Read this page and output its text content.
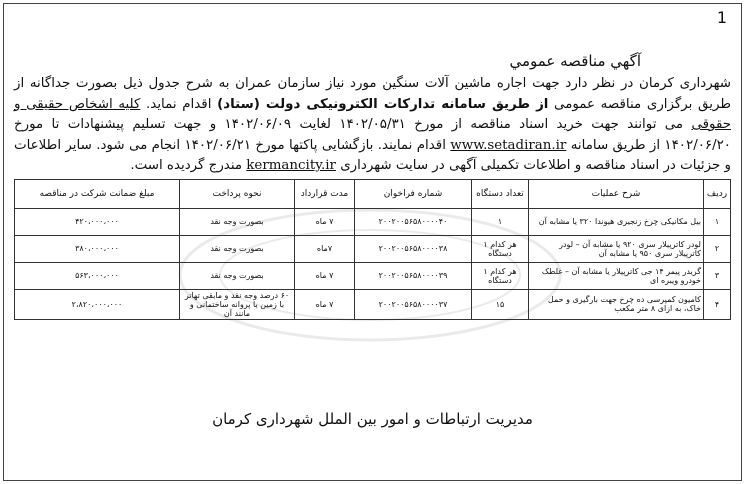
1
آگهي مناقصه عمومي
شهرداری کرمان در نظر دارد جهت اجاره ماشین آلات سنگین مورد نیاز سازمان عمران به شرح جدول ذیل بصورت جداگانه از طریق برگزاری مناقصه عمومی از طریق سامانه تدارکات الکترونیکی دولت (ستاد) اقدام نماید. کلیه اشخاص حقیقی و حقوقی می توانند جهت خرید اسناد مناقصه از مورخ ۱۴۰۲/۰۵/۳۱ لغایت ۱۴۰۲/۰۶/۰۹ و جهت تسلیم پیشنهادات تا مورخ ۱۴۰۲/۰۶/۲۰ از طریق سامانه www.setadiran.ir اقدام نمایند. بازگشایی پاکتها مورخ ۱۴۰۲/۰۶/۲۱ انجام می شود. سایر اطلاعات و جزئیات در اسناد مناقصه و اطلاعات تکمیلی آگهی در سایت شهرداری kermancity.ir مندرج گردیده است.
ردیف	شرح عملیات	تعداد دستگاه	شماره فراخوان	مدت قرارداد	نحوه پرداخت	مبلغ ضمانت شرکت در مناقصه
۱	بیل مکانیکی چرخ زنجیری هیوندا ۳۲۰ یا مشابه آن	۱	۲۰۰۲۰۰۵۶۵۸۰۰۰۰۴۰	۷ ماه	بصورت وجه نقد	۴۲۰،۰۰۰،۰۰۰
۲	لودر کاترپیلار سری ۹۲۰ یا مشابه آن – لودر کاترپیلار سری ۹۵۰ یا مشابه آن	هر کدام ۱ دستگاه	۲۰۰۲۰۰۵۶۵۸۰۰۰۰۳۸	۷ماه	بصورت وجه نقد	۳۸۰،۰۰۰،۰۰۰
۳	گریدر پیمر ۱۴ جی کاترپیلار یا مشابه آن – غلطک خودرو ویبره ای	هر کدام ۱ دستگاه	۲۰۰۲۰۰۵۶۵۸۰۰۰۰۳۹	۷ ماه	بصورت وجه نقد	۵۶۳،۰۰۰،۰۰۰
۴	کامیون کمپرسی ده چرخ جهت بارگیری و حمل خاک، به ازای ۸ متر مکعب	۱۵	۲۰۰۲۰۰۵۶۵۸۰۰۰۰۳۷	۷ ماه	۶۰ درصد وجه نقد و مابقی تهاتر با زمین یا پروانه ساختمانی و مانند آن	۲،۸۲۰،۰۰۰،۰۰۰
مدیریت ارتباطات و امور بین الملل شهرداری کرمان
